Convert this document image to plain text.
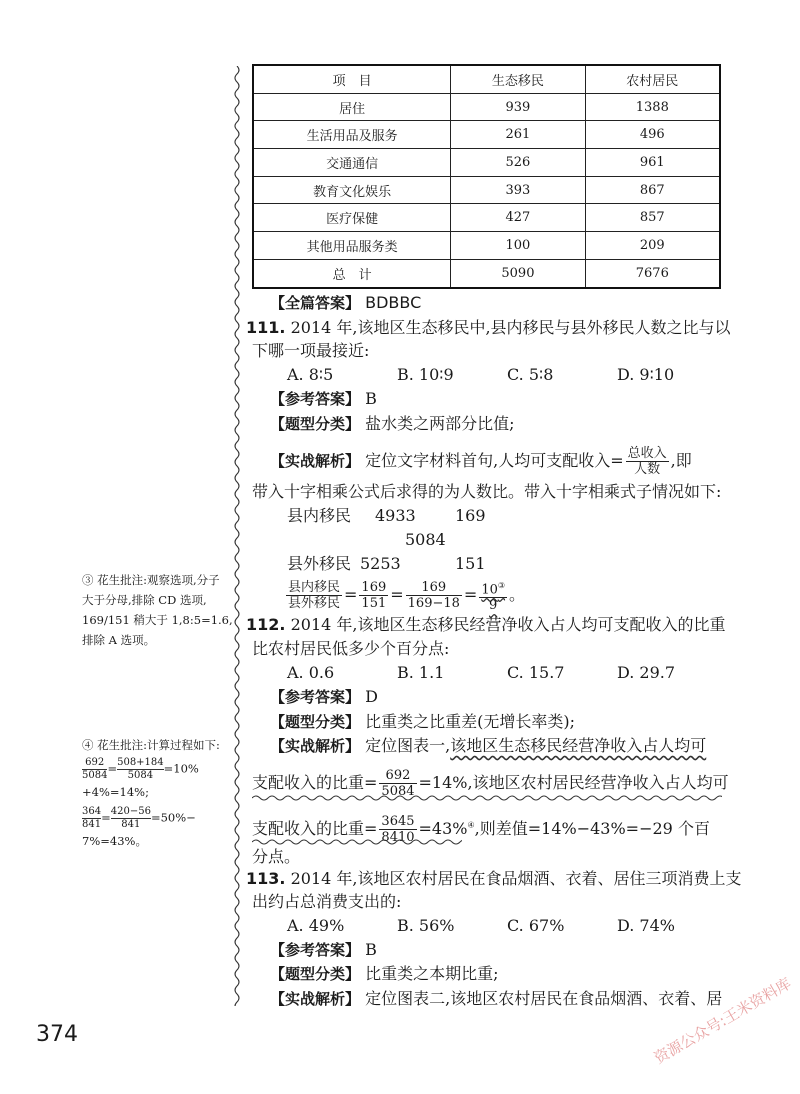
项　目	生态移民	农村居民
居住	939	1388
生活用品及服务	261	496
交通通信	526	961
教育文化娱乐	393	867
医疗保健	427	857
其他用品服务类	100	209
总　计	5090	7676
【全篇答案】 BDBBC
111. 2014 年,该地区生态移民中,县内移民与县外移民人数之比与以
下哪一项最接近:
A. 8∶5	B. 10∶9	C. 5∶8	D. 9∶10
【参考答案】 B
【题型分类】 盐水类之两部分比值;
【实战解析】 定位文字材料首句,人均可支配收入= $\frac{\text{总收入}}{\text{人数}}$ ,即
带入十字相乘公式后求得的为人数比。带入十字相乘式子情况如下:
县内移民 4933 169
5084
县外移民 5253	151
$\frac{\text{县内移民}}{\text{县外移民}} = \frac{169}{151} = \frac{169}{169-18} = \frac{10^③}{9}$ 。
112. 2014 年,该地区生态移民经营净收入占人均可支配收入的比重
比农村居民低多少个百分点:
A. 0.6	B. 1.1	C. 15.7	D. 29.7
【参考答案】 D
【题型分类】 比重类之比重差(无增长率类);
【实战解析】 定位图表一,该地区生态移民经营净收入占人均可
支配收入的比重= $\frac{692}{5084} =14\%$,该地区农村居民经营净收入占人均可
支配收入的比重= $\frac{3645}{8410} =43\%^④$,则差值=14%−43%=−29 个百
分点。
113. 2014 年,该地区农村居民在食品烟酒、衣着、居住三项消费上支
出约占总消费支出的:
A. 49%	B. 56%	C. 67%	D. 74%
【参考答案】 B
【题型分类】 比重类之本期比重;
【实战解析】 定位图表二,该地区农村居民在食品烟酒、衣着、居
③ 花生批注:观察选项,分子
大于分母,排除 CD 选项,
169/151 稍大于 1,8:5=1.6,
排除 A 选项。
④ 花生批注:计算过程如下:
$\frac{692}{5084} = \frac{508+184}{5084} =10\%$
+4%=14%;
$\frac{364}{841} = \frac{420-56}{841} =50\%-$
7%=43%。
374	资源公众号:王米资料库
